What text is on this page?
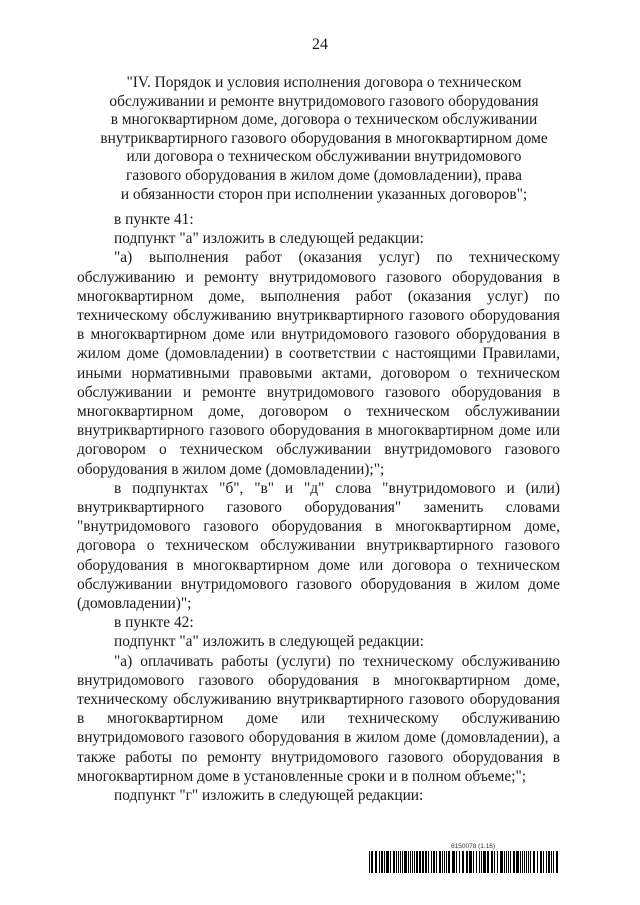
24
"IV. Порядок и условия исполнения договора о техническом
обслуживании и ремонте внутридомового газового оборудования
в многоквартирном доме, договора о техническом обслуживании
внутриквартирного газового оборудования в многоквартирном доме
или договора о техническом обслуживании внутридомового
газового оборудования в жилом доме (домовладении), права
и обязанности сторон при исполнении указанных договоров";

в пункте 41:

подпункт "а" изложить в следующей редакции:

"а) выполнения работ (оказания услуг) по техническому обслуживанию и ремонту внутридомового газового оборудования в многоквартирном доме, выполнения работ (оказания услуг) по техническому обслуживанию внутриквартирного газового оборудования в многоквартирном доме или внутридомового газового оборудования в жилом доме (домовладении) в соответствии с настоящими Правилами, иными нормативными правовыми актами, договором о техническом обслуживании и ремонте внутридомового газового оборудования в многоквартирном доме, договором о техническом обслуживании внутриквартирного газового оборудования в многоквартирном доме или договором о техническом обслуживании внутридомового газового оборудования в жилом доме (домовладении);";

в подпунктах "б", "в" и "д" слова "внутридомового и (или) внутриквартирного газового оборудования" заменить словами "внутридомового газового оборудования в многоквартирном доме, договора о техническом обслуживании внутриквартирного газового оборудования в многоквартирном доме или договора о техническом обслуживании внутридомового газового оборудования в жилом доме (домовладении)";

в пункте 42:

подпункт "а" изложить в следующей редакции:

"а) оплачивать работы (услуги) по техническому обслуживанию внутридомового газового оборудования в многоквартирном доме, техническому обслуживанию внутриквартирного газового оборудования в многоквартирном доме или техническому обслуживанию внутридомового газового оборудования в жилом доме (домовладении), а также работы по ремонту внутридомового газового оборудования в многоквартирном доме в установленные сроки и в полном объеме;";

подпункт "г" изложить в следующей редакции:

6150078 (1.16)
